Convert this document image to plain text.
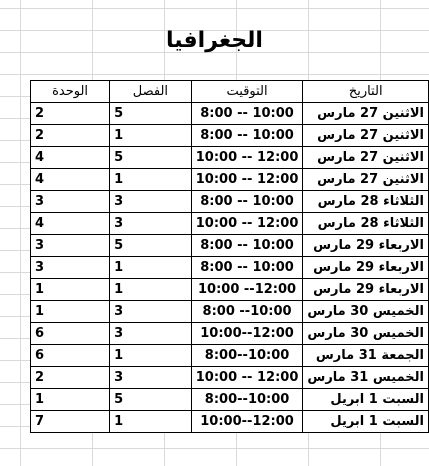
الجغرافيا
التاريخ	التوقيت	الفصل	الوحدة
الاثنين 27 مارس	10:00 -- 8:00	5	2
الاثنين 27 مارس	10:00 -- 8:00	1	2
الاثنين 27 مارس	12:00 -- 10:00	5	4
الاثنين 27 مارس	12:00 -- 10:00	1	4
الثلاثاء 28 مارس	10:00 -- 8:00	3	3
الثلاثاء 28 مارس	12:00 -- 10:00	3	4
الاربعاء 29 مارس	10:00 -- 8:00	5	3
الاربعاء 29 مارس	10:00 -- 8:00	1	3
الاربعاء 29 مارس	12:00-- 10:00	1	1
الخميس 30 مارس	10:00-- 8:00	3	1
الخميس 30 مارس	12:00--10:00	3	6
الجمعة 31 مارس	10:00--8:00	1	6
الخميس 31 مارس	12:00 -- 10:00	3	2
السبت 1 ابريل	10:00--8:00	5	1
السبت 1 ابريل	12:00--10:00	1	7
